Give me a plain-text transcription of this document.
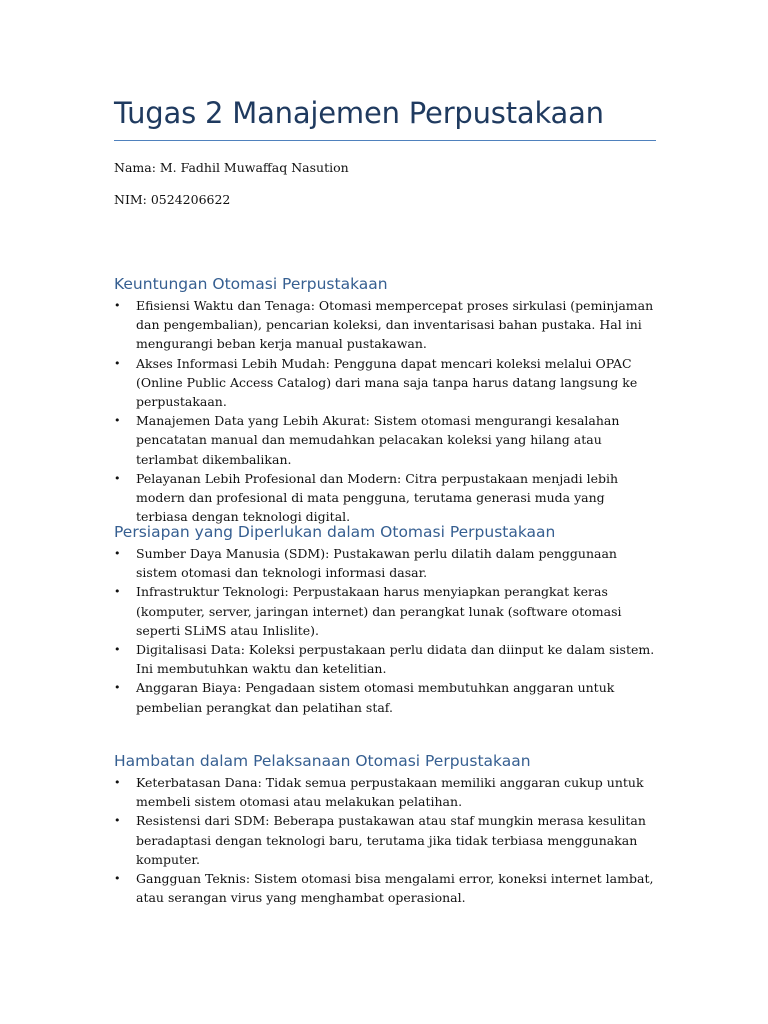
Tugas 2 Manajemen Perpustakaan

Nama: M. Fadhil Muwaffaq Nasution

NIM: 0524206622

Keuntungan Otomasi Perpustakaan
• Efisiensi Waktu dan Tenaga: Otomasi mempercepat proses sirkulasi (peminjaman dan pengembalian), pencarian koleksi, dan inventarisasi bahan pustaka. Hal ini mengurangi beban kerja manual pustakawan.
• Akses Informasi Lebih Mudah: Pengguna dapat mencari koleksi melalui OPAC (Online Public Access Catalog) dari mana saja tanpa harus datang langsung ke perpustakaan.
• Manajemen Data yang Lebih Akurat: Sistem otomasi mengurangi kesalahan pencatatan manual dan memudahkan pelacakan koleksi yang hilang atau terlambat dikembalikan.
• Pelayanan Lebih Profesional dan Modern: Citra perpustakaan menjadi lebih modern dan profesional di mata pengguna, terutama generasi muda yang terbiasa dengan teknologi digital.
Persiapan yang Diperlukan dalam Otomasi Perpustakaan
• Sumber Daya Manusia (SDM): Pustakawan perlu dilatih dalam penggunaan sistem otomasi dan teknologi informasi dasar.
• Infrastruktur Teknologi: Perpustakaan harus menyiapkan perangkat keras (komputer, server, jaringan internet) dan perangkat lunak (software otomasi seperti SLiMS atau Inlislite).
• Digitalisasi Data: Koleksi perpustakaan perlu didata dan diinput ke dalam sistem. Ini membutuhkan waktu dan ketelitian.
• Anggaran Biaya: Pengadaan sistem otomasi membutuhkan anggaran untuk pembelian perangkat dan pelatihan staf.
Hambatan dalam Pelaksanaan Otomasi Perpustakaan
• Keterbatasan Dana: Tidak semua perpustakaan memiliki anggaran cukup untuk membeli sistem otomasi atau melakukan pelatihan.
• Resistensi dari SDM: Beberapa pustakawan atau staf mungkin merasa kesulitan beradaptasi dengan teknologi baru, terutama jika tidak terbiasa menggunakan komputer.
• Gangguan Teknis: Sistem otomasi bisa mengalami error, koneksi internet lambat, atau serangan virus yang menghambat operasional.
